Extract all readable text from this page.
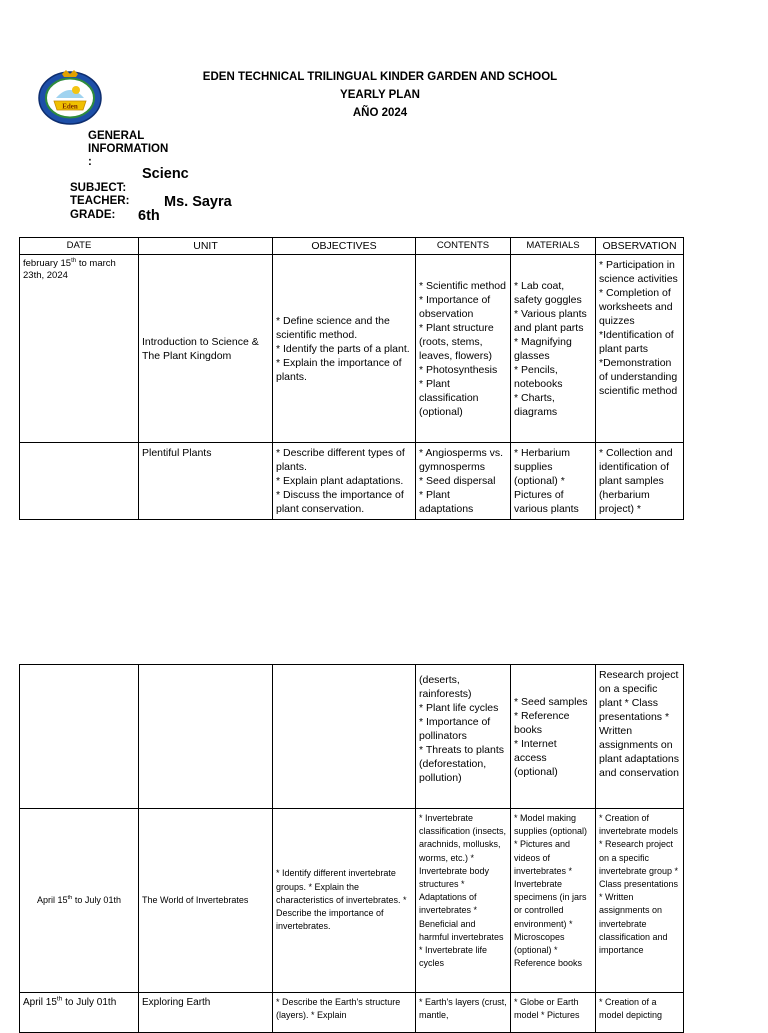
Eden
EDEN TECHNICAL TRILINGUAL KINDER GARDEN AND SCHOOL
YEARLY PLAN
AÑO 2024
GENERAL
INFORMATION
:
Scienc
SUBJECT:
TEACHER: Ms. Sayra
GRADE: 6th
DATE	UNIT	OBJECTIVES	CONTENTS	MATERIALS	OBSERVATION
february 15th to march 23th, 2024	Introduction to Science & The Plant Kingdom	* Define science and the scientific method.
* Identify the parts of a plant.
* Explain the importance of plants.	* Scientific method
* Importance of observation
* Plant structure (roots, stems, leaves, flowers)
* Photosynthesis
* Plant classification (optional)	* Lab coat, safety goggles
* Various plants and plant parts
* Magnifying glasses
* Pencils, notebooks
* Charts, diagrams	* Participation in science activities
* Completion of worksheets and quizzes
*Identification of plant parts
*Demonstration of understanding scientific method

	Plentiful Plants	* Describe different types of plants.
* Explain plant adaptations.
* Discuss the importance of plant conservation.	* Angiosperms vs. gymnosperms
* Seed dispersal
* Plant adaptations	* Herbarium supplies (optional) * Pictures of various plants	* Collection and identification of plant samples (herbarium project) *

			(deserts, rainforests)
* Plant life cycles
* Importance of pollinators
* Threats to plants (deforestation, pollution)	* Seed samples
* Reference books
* Internet access (optional)	Research project on a specific plant * Class presentations * Written assignments on plant adaptations and conservation

April 15th to July 01th	The World of Invertebrates	* Identify different invertebrate groups. * Explain the characteristics of invertebrates. * Describe the importance of invertebrates.	* Invertebrate classification (insects, arachnids, mollusks, worms, etc.) * Invertebrate body structures * Adaptations of invertebrates * Beneficial and harmful invertebrates * Invertebrate life cycles	* Model making supplies (optional) * Pictures and videos of invertebrates * Invertebrate specimens (in jars or controlled environment) * Microscopes (optional) * Reference books	* Creation of invertebrate models * Research project on a specific invertebrate group * Class presentations * Written assignments on invertebrate classification and importance
April 15th to July 01th	Exploring Earth	* Describe the Earth's structure (layers). * Explain	* Earth's layers (crust, mantle,	* Globe or Earth model * Pictures	* Creation of a model depicting
